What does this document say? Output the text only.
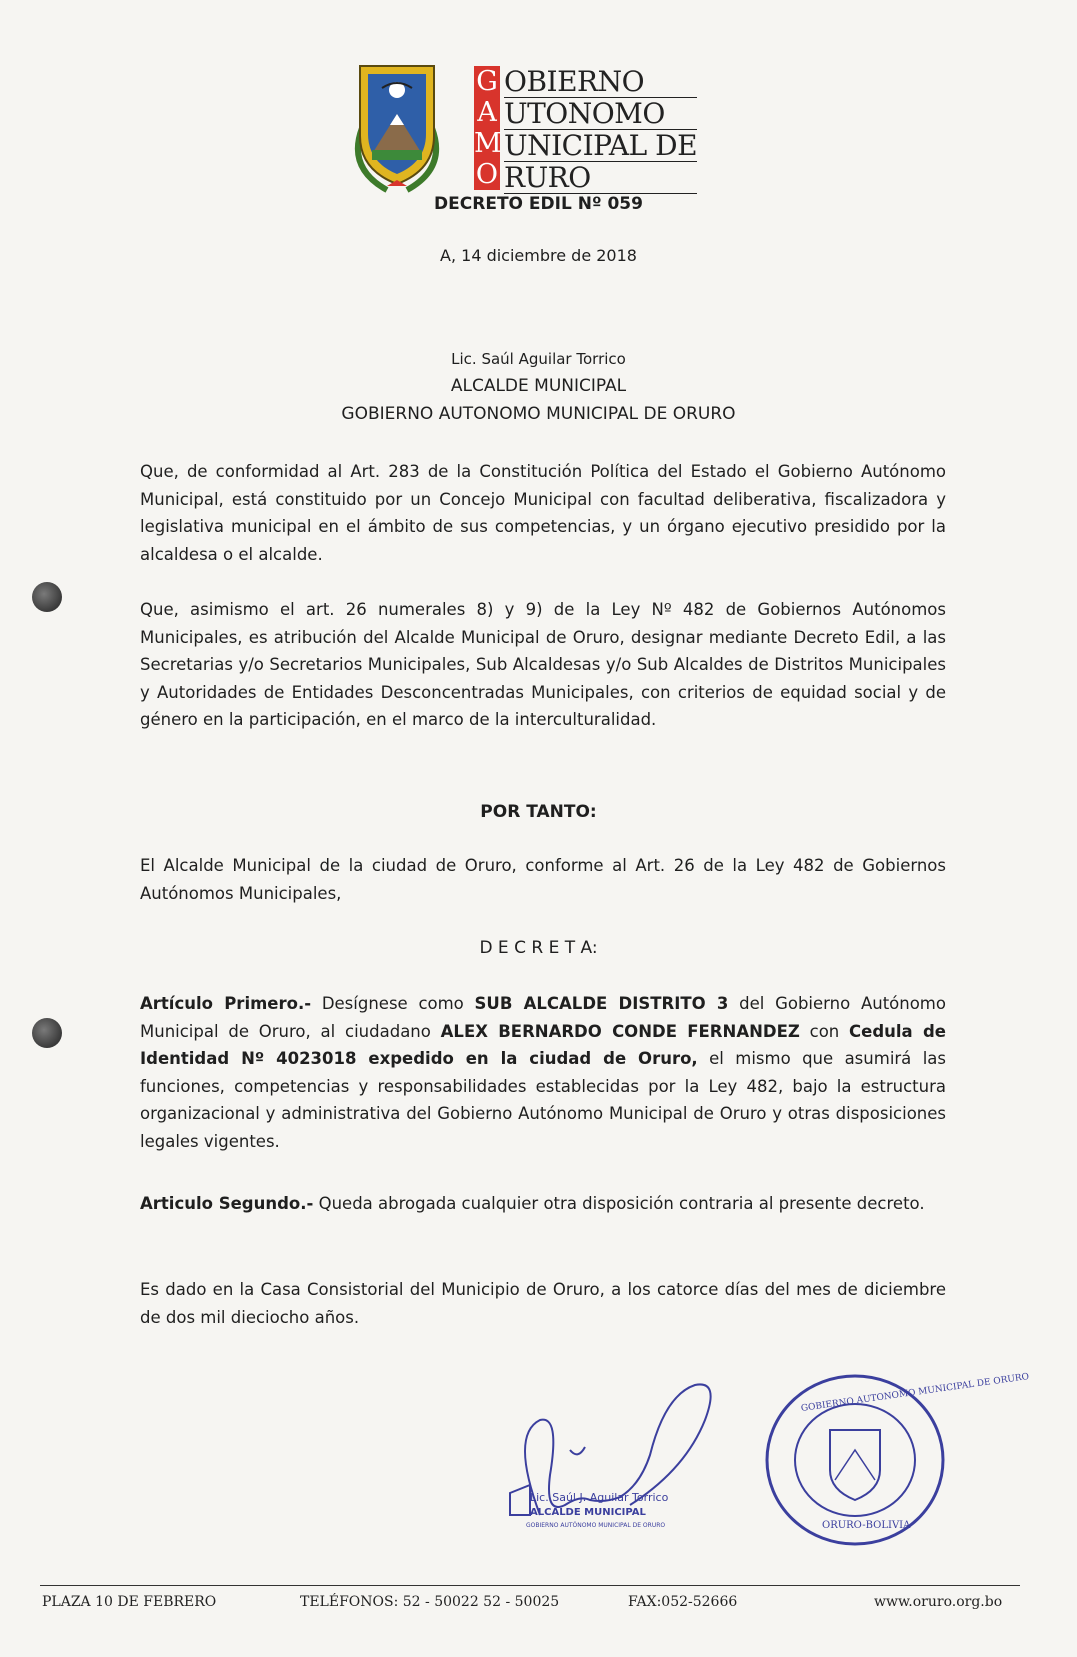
G
A
M
O
OBIERNO
UTONOMO
UNICIPAL DE
RURO
DECRETO EDIL Nº 059
A, 14 diciembre de 2018
Lic. Saúl Aguilar Torrico
ALCALDE MUNICIPAL
GOBIERNO AUTONOMO MUNICIPAL DE ORURO
Que, de conformidad al Art. 283 de la Constitución Política del Estado el Gobierno Autónomo Municipal, está constituido por un Concejo Municipal con facultad deliberativa, fiscalizadora y legislativa municipal en el ámbito de sus competencias, y un órgano ejecutivo presidido por la alcaldesa o el alcalde.
Que, asimismo el art. 26 numerales 8) y 9) de la Ley Nº 482 de Gobiernos Autónomos Municipales, es atribución del Alcalde Municipal de Oruro, designar mediante Decreto Edil, a las Secretarias y/o Secretarios Municipales, Sub Alcaldesas y/o Sub Alcaldes de Distritos Municipales y Autoridades de Entidades Desconcentradas Municipales, con criterios de equidad social y de género en la participación, en el marco de la interculturalidad.
POR TANTO:
El Alcalde Municipal de la ciudad de Oruro, conforme al Art. 26 de la Ley 482 de Gobiernos Autónomos Municipales,
D E C R E T A:
Artículo Primero.- Desígnese como SUB ALCALDE DISTRITO 3 del Gobierno Autónomo Municipal de Oruro, al ciudadano ALEX BERNARDO CONDE FERNANDEZ con Cedula de Identidad Nº 4023018 expedido en la ciudad de Oruro, el mismo que asumirá las funciones, competencias y responsabilidades establecidas por la Ley 482, bajo la estructura organizacional y administrativa del Gobierno Autónomo Municipal de Oruro y otras disposiciones legales vigentes.
Articulo Segundo.- Queda abrogada cualquier otra disposición contraria al presente decreto.
Es dado en la Casa Consistorial del Municipio de Oruro, a los catorce días del mes de diciembre de dos mil dieciocho años.
Lic. Saúl J. Aguilar Torrico
ALCALDE MUNICIPAL
GOBIERNO AUTÓNOMO MUNICIPAL DE ORURO
GOBIERNO AUTONOMO MUNICIPAL DE ORURO
ORURO-BOLIVIA
PLAZA 10 DE FEBRERO	TELÉFONOS: 52 - 50022 52 - 50025	FAX:052-52666	www.oruro.org.bo
